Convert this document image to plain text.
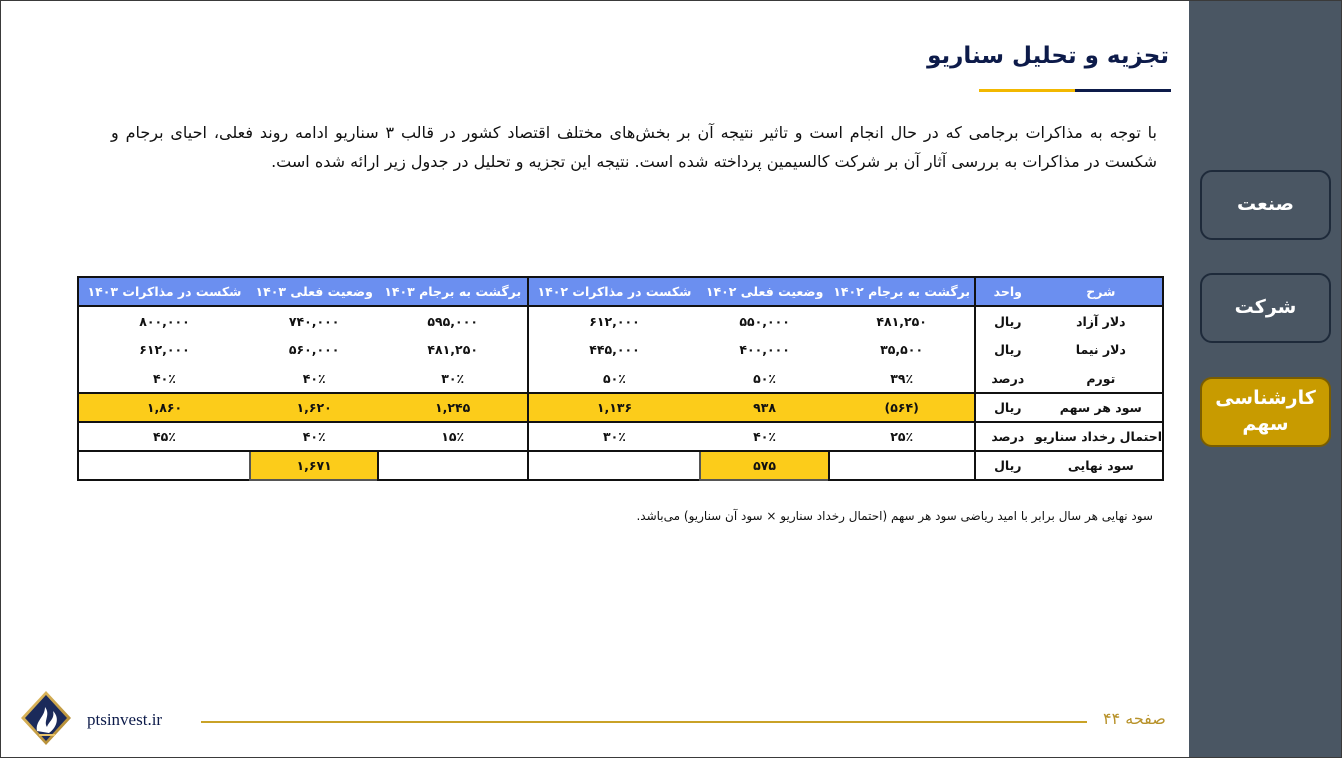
تجزیه و تحلیل سناریو

با توجه به مذاکرات برجامی که در حال انجام است و تاثیر نتیجه آن بر بخش‌های مختلف اقتصاد کشور در قالب ۳ سناریو ادامه روند فعلی، احیای برجام و شکست در مذاکرات به بررسی آثار آن بر شرکت کالسیمین پرداخته شده است. نتیجه این تجزیه و تحلیل در جدول زیر ارائه شده است.

شرح	واحد	برگشت به برجام ۱۴۰۲	وضعیت فعلی ۱۴۰۲	شکست در مذاکرات ۱۴۰۲	برگشت به برجام ۱۴۰۳	وضعیت فعلی ۱۴۰۳	شکست در مذاکرات ۱۴۰۳
دلار آزاد	ریال	۴۸۱,۲۵۰	۵۵۰,۰۰۰	۶۱۲,۰۰۰	۵۹۵,۰۰۰	۷۴۰,۰۰۰	۸۰۰,۰۰۰
دلار نیما	ریال	۳۵,۵۰۰	۴۰۰,۰۰۰	۴۴۵,۰۰۰	۴۸۱,۲۵۰	۵۶۰,۰۰۰	۶۱۲,۰۰۰
تورم	درصد	۳۹٪	۵۰٪	۵۰٪	۳۰٪	۴۰٪	۴۰٪
سود هر سهم	ریال	(۵۶۴)	۹۳۸	۱,۱۳۶	۱,۲۴۵	۱,۶۲۰	۱,۸۶۰
احتمال رخداد سناریو	درصد	۲۵٪	۴۰٪	۳۰٪	۱۵٪	۴۰٪	۴۵٪
سود نهایی	ریال		۵۷۵			۱,۶۷۱	

سود نهایی هر سال برابر با امید ریاضی سود هر سهم (احتمال رخداد سناریو × سود آن سناریو) می‌باشد.

ptsinvest.ir	صفحه ۴۴
صنعت
شرکت
کارشناسی سهم
